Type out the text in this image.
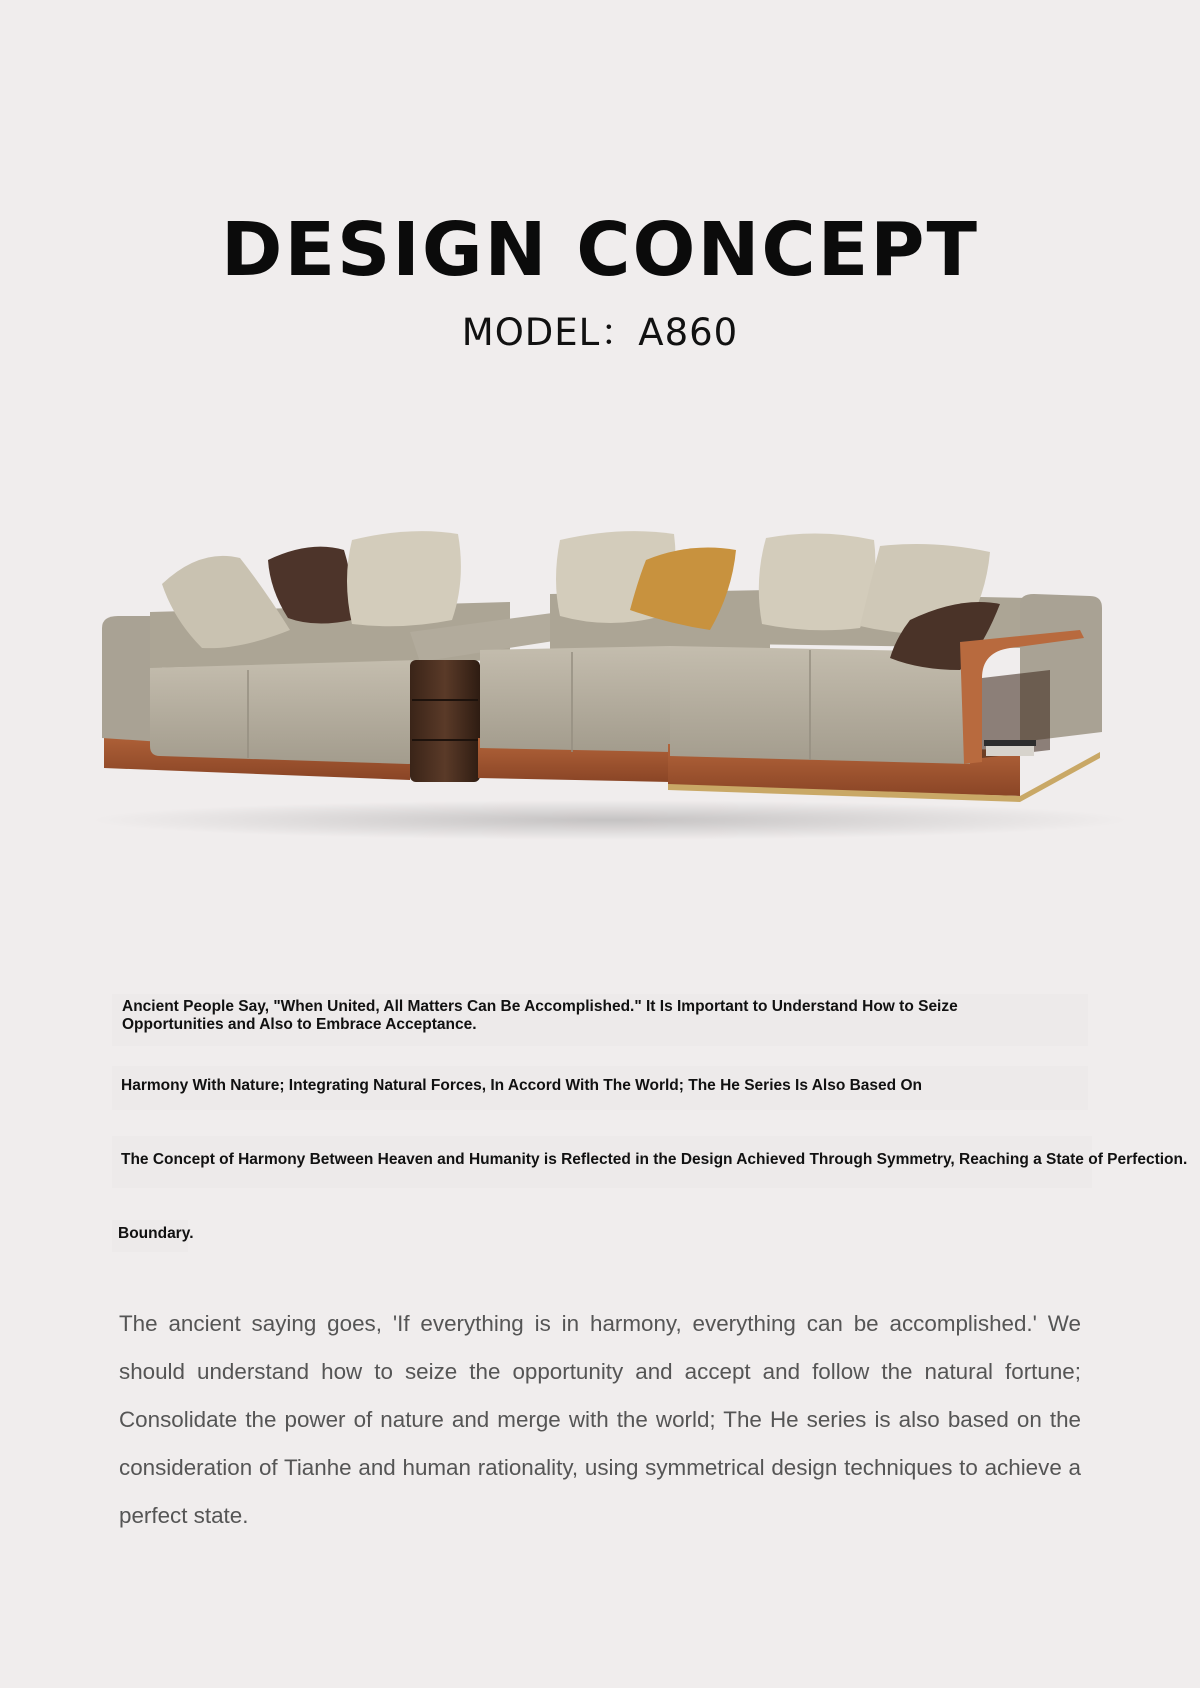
DESIGN CONCEPT
MODEL：A860
Ancient People Say, "When United, All Matters Can Be Accomplished." It Is Important to Understand How to Seize
Opportunities and Also to Embrace Acceptance.
Harmony With Nature; Integrating Natural Forces, In Accord With The World; The He Series Is Also Based On
The Concept of Harmony Between Heaven and Humanity is Reflected in the Design Achieved Through Symmetry, Reaching a State of Perfection.
Boundary.

The ancient saying goes, 'If everything is in harmony, everything can be accomplished.' We should understand how to seize the opportunity and accept and follow the natural fortune; Consolidate the power of nature and merge with the world; The He series is also based on the consideration of Tianhe and human rationality, using symmetrical design techniques to achieve a perfect state.
